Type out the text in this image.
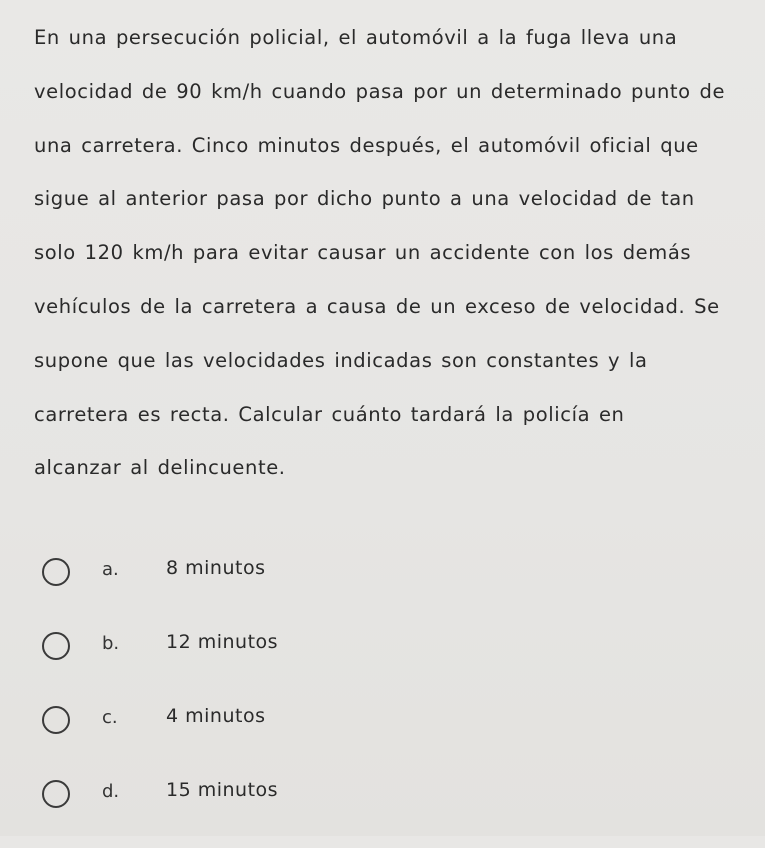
En una persecución policial, el automóvil a la fuga lleva una
velocidad de 90 km/h cuando pasa por un determinado punto de
una carretera. Cinco minutos después, el automóvil oficial que
sigue al anterior pasa por dicho punto a una velocidad de tan
solo 120 km/h para evitar causar un accidente con los demás
vehículos de la carretera a causa de un exceso de velocidad. Se
supone que las velocidades indicadas son constantes y la
carretera es recta. Calcular cuánto tardará la policía en
alcanzar al delincuente.
a. 8 minutos
b. 12 minutos
c.	4 minutos
d. 15 minutos
